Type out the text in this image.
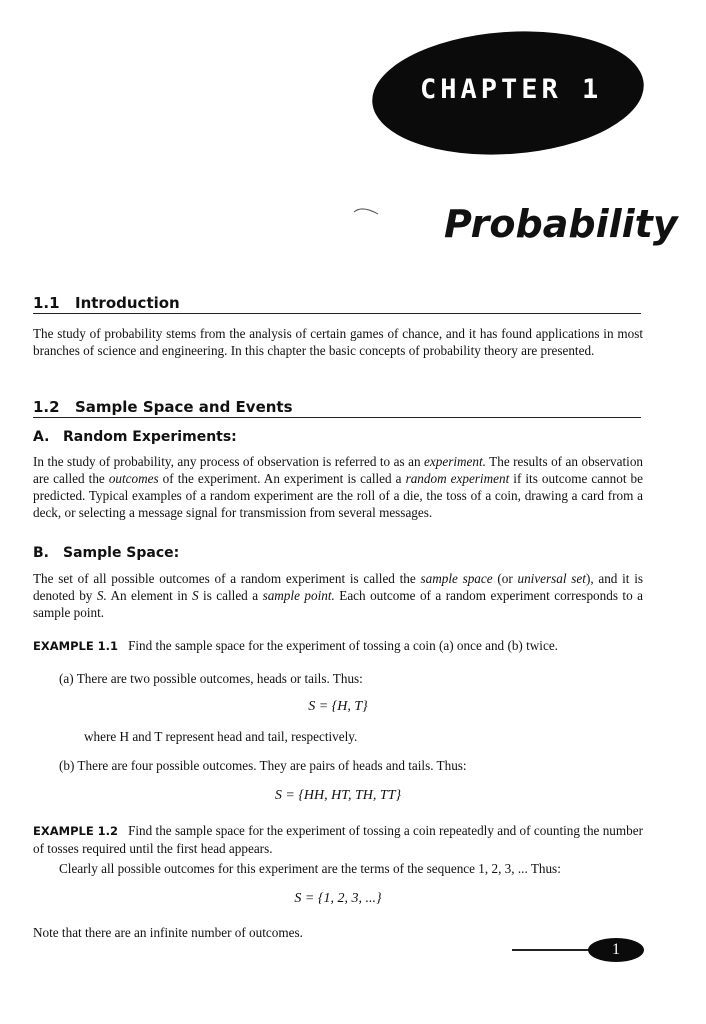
CHAPTER 1
Probability
1.1 Introduction
The study of probability stems from the analysis of certain games of chance, and it has found applications in most branches of science and engineering. In this chapter the basic concepts of probability theory are presented.
1.2 Sample Space and Events
A. Random Experiments:
In the study of probability, any process of observation is referred to as an experiment. The results of an observation are called the outcomes of the experiment. An experiment is called a random experiment if its outcome cannot be predicted. Typical examples of a random experiment are the roll of a die, the toss of a coin, drawing a card from a deck, or selecting a message signal for transmission from several messages.
B. Sample Space:
The set of all possible outcomes of a random experiment is called the sample space (or universal set), and it is denoted by S. An element in S is called a sample point. Each outcome of a random experiment corresponds to a sample point.
EXAMPLE 1.1 Find the sample space for the experiment of tossing a coin (a) once and (b) twice.
(a) There are two possible outcomes, heads or tails. Thus:
S = {H, T}
where H and T represent head and tail, respectively.
(b) There are four possible outcomes. They are pairs of heads and tails. Thus:
S = {HH, HT, TH, TT}
EXAMPLE 1.2 Find the sample space for the experiment of tossing a coin repeatedly and of counting the number of tosses required until the first head appears.
Clearly all possible outcomes for this experiment are the terms of the sequence 1, 2, 3, ... Thus:
S = {1, 2, 3, ...}
Note that there are an infinite number of outcomes.
1
